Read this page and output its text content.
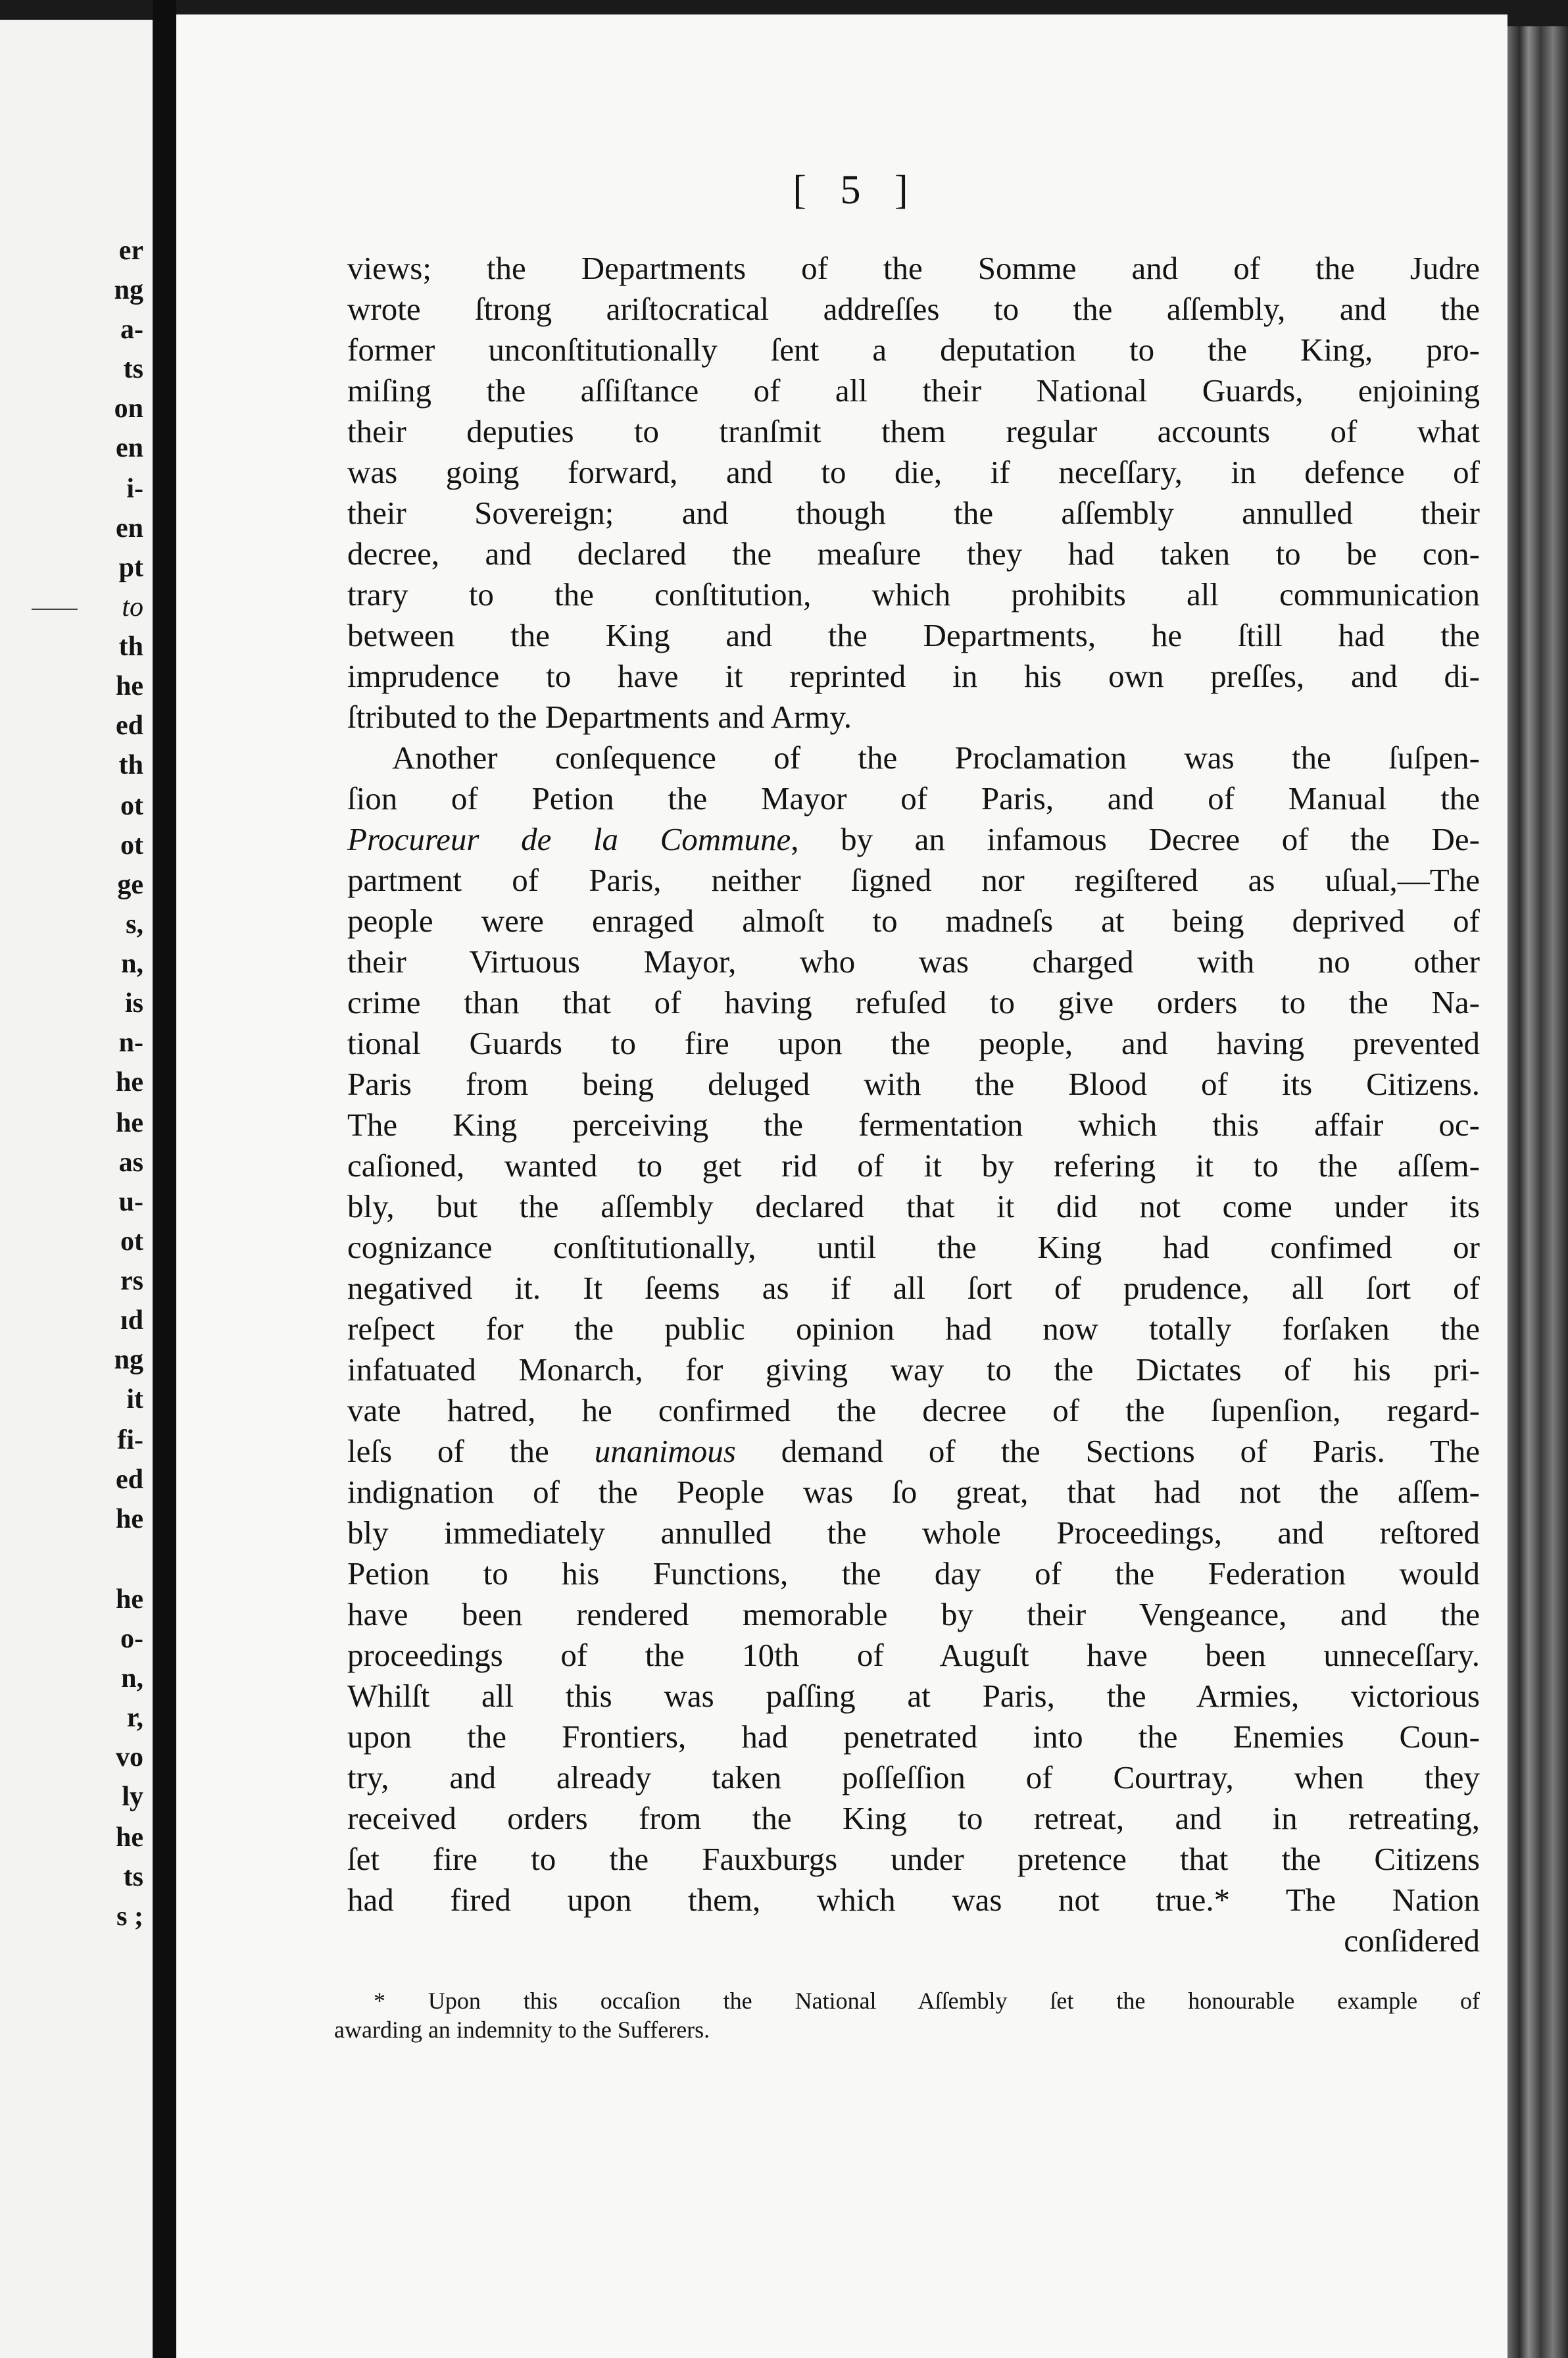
er
ng
a-
ts
on
en
i-
en
pt
to
th
he
ed
th
ot
ot
ge
s,
n,
is
n-
he
he
as
u-
ot
rs
ıd
ng
it
fi-
ed
he
he
o-
n,
r,
vo
ly
he
ts
s ;
[ 5 ]
views; the Departments of the Somme and of the Judre
wrote ſtrong ariſtocratical addreſſes to the aſſembly, and the
former unconſtitutionally ſent a deputation to the King, pro-
miſing the aſſiſtance of all their National Guards, enjoining
their deputies to tranſmit them regular accounts of what
was going forward, and to die, if neceſſary, in defence of
their Sovereign; and though the aſſembly annulled their
decree, and declared the meaſure they had taken to be con-
trary to the conſtitution, which prohibits all communication
between the King and the Departments, he ſtill had the
imprudence to have it reprinted in his own preſſes, and di-
ſtributed to the Departments and Army.
Another conſequence of the Proclamation was the ſuſpen-
ſion of Petion the Mayor of Paris, and of Manual the
Procureur de la Commune, by an infamous Decree of the De-
partment of Paris, neither ſigned nor regiſtered as uſual,—The
people were enraged almoſt to madneſs at being deprived of
their Virtuous Mayor, who was charged with no other
crime than that of having refuſed to give orders to the Na-
tional Guards to fire upon the people, and having prevented
Paris from being deluged with the Blood of its Citizens.
The King perceiving the fermentation which this affair oc-
caſioned, wanted to get rid of it by refering it to the aſſem-
bly, but the aſſembly declared that it did not come under its
cognizance conſtitutionally, until the King had confimed or
negatived it. It ſeems as if all ſort of prudence, all ſort of
reſpect for the public opinion had now totally forſaken the
infatuated Monarch, for giving way to the Dictates of his pri-
vate hatred, he confirmed the decree of the ſupenſion, regard-
leſs of the unanimous demand of the Sections of Paris. The
indignation of the People was ſo great, that had not the aſſem-
bly immediately annulled the whole Proceedings, and reſtored
Petion to his Functions, the day of the Federation would
have been rendered memorable by their Vengeance, and the
proceedings of the 10th of Auguſt have been unneceſſary.
Whilſt all this was paſſing at Paris, the Armies, victorious
upon the Frontiers, had penetrated into the Enemies Coun-
try, and already taken poſſeſſion of Courtray, when they
received orders from the King to retreat, and in retreating,
ſet fire to the Fauxburgs under pretence that the Citizens
had fired upon them, which was not true.* The Nation
conſidered
* Upon this occaſion the National Aſſembly ſet the honourable example of
awarding an indemnity to the Sufferers.
